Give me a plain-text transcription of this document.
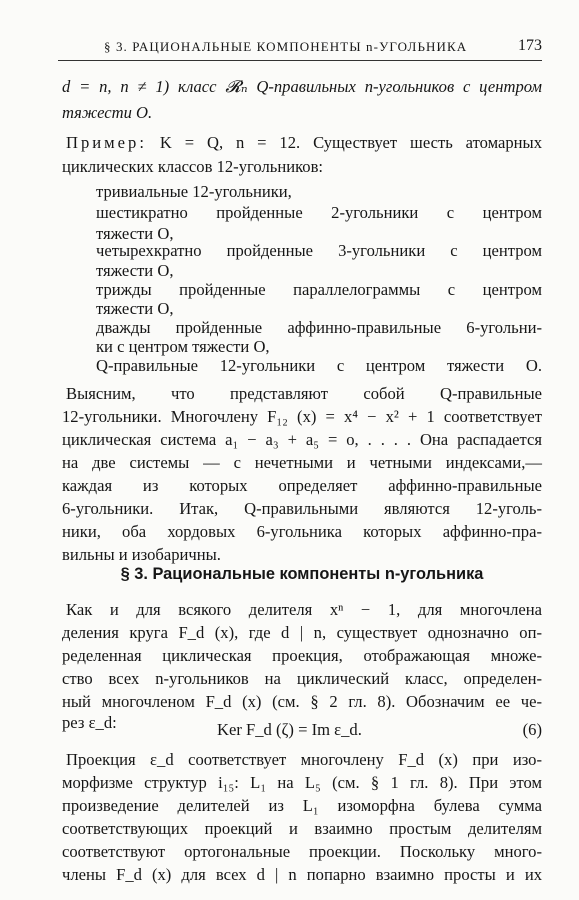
§ 3. РАЦИОНАЛЬНЫЕ КОМПОНЕНТЫ n-УГОЛЬНИКА	173
d = n, n ≠ 1) класс 𝓡ₙ Q-правильных n-угольников с центром
тяжести O.
Пример: K = Q, n = 12. Существует шесть атомарных
циклических классов 12-угольников:
тривиальные 12-угольники,
шестикратно пройденные 2-угольники с центром
тяжести O,
четырехкратно пройденные 3-угольники с центром
тяжести O,
трижды пройденные параллелограммы с центром
тяжести O,
дважды пройденные аффинно-правильные 6-угольни-
ки с центром тяжести O,
Q-правильные 12-угольники с центром тяжести O.
Выясним, что представляют собой Q-правильные
12-угольники. Многочлену F₁₂ (x) = x⁴ − x² + 1 соответствует
циклическая система a₁ − a₃ + a₅ = o, . . . . Она распадается
на две системы — с нечетными и четными индексами,—
каждая из которых определяет аффинно-правильные
6-угольники. Итак, Q-правильными являются 12-уголь-
ники, оба хордовых 6-угольника которых аффинно-пра-
вильны и изобаричны.
§ 3. Рациональные компоненты n-угольника
Как и для всякого делителя xⁿ − 1, для многочлена
деления круга F_d (x), где d | n, существует однозначно оп-
ределенная циклическая проекция, отображающая множе-
ство всех n-угольников на циклический класс, определен-
ный многочленом F_d (x) (см. § 2 гл. 8). Обозначим ее че-
рез ε_d:	Ker F_d (ζ) = Im ε_d.	(6)
Проекция ε_d соответствует многочлену F_d (x) при изо-
морфизме структур i₁₅: L₁ на L₅ (см. § 1 гл. 8). При этом
произведение делителей из L₁ изоморфна булева сумма
соответствующих проекций и взаимно простым делителям
соответствуют ортогональные проекции. Поскольку много-
члены F_d (x) для всех d | n попарно взаимно просты и их
